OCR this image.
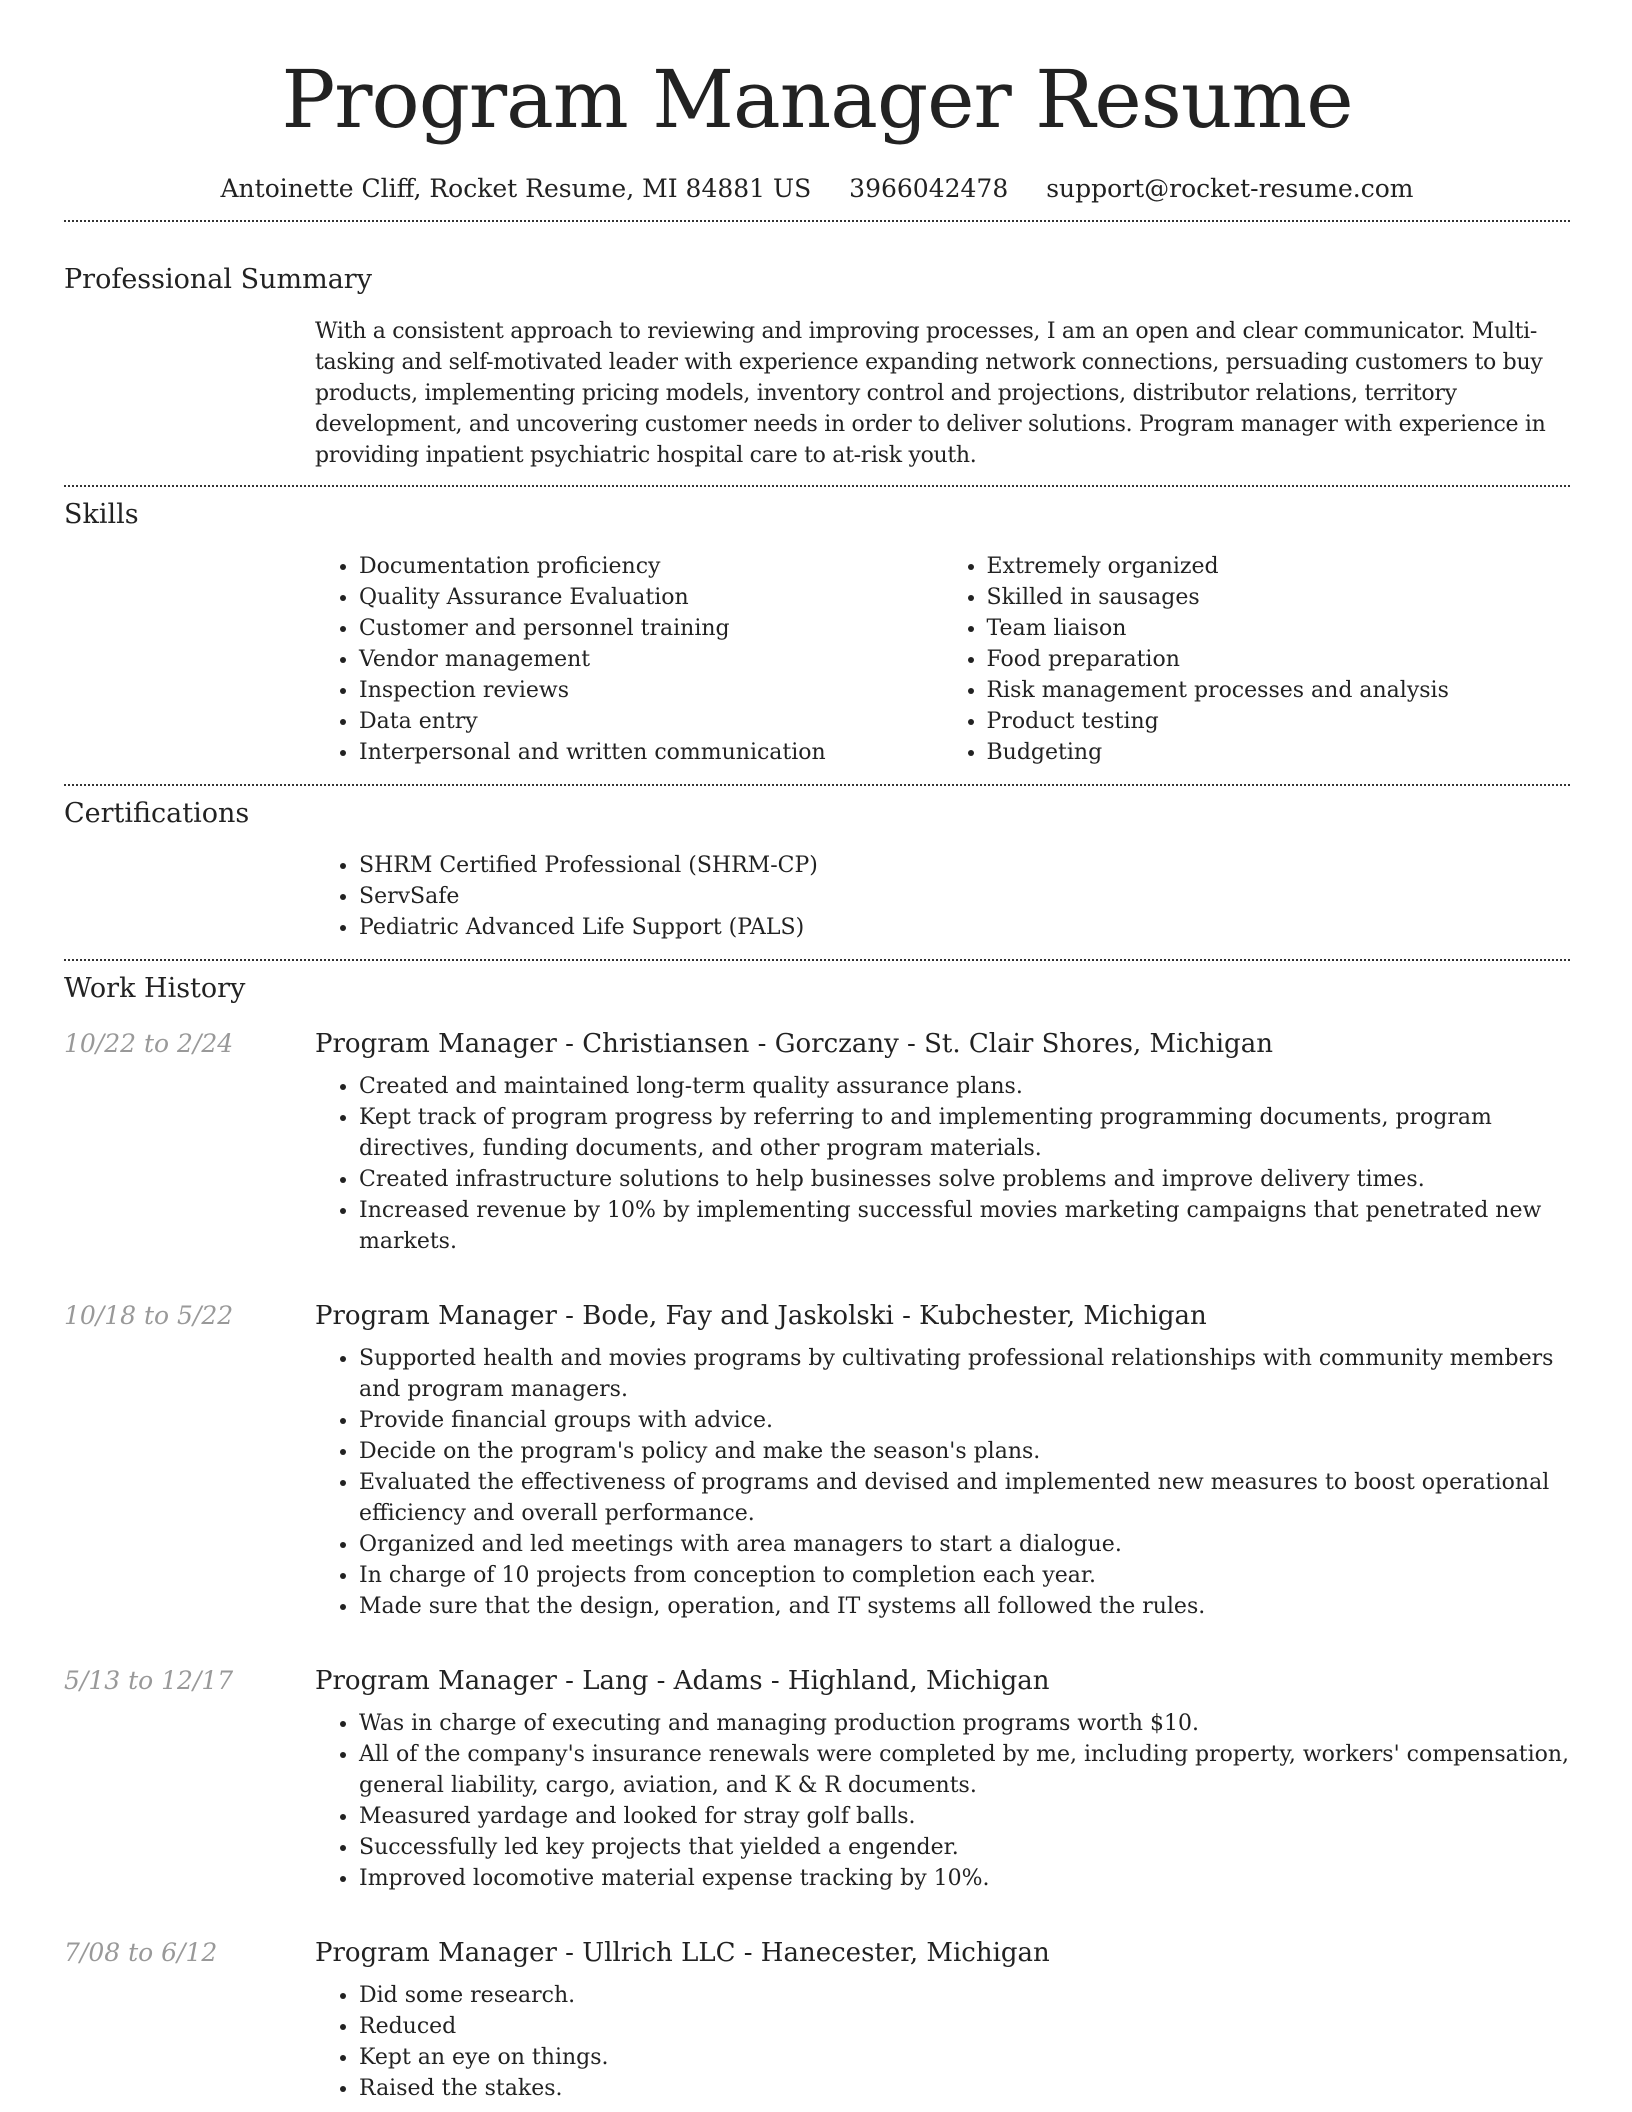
Program Manager Resume
Antoinette Cliff, Rocket Resume, MI 84881 US 3966042478 support@rocket-resume.com
Professional Summary

With a consistent approach to reviewing and improving processes, I am an open and clear communicator. Multi-tasking and self-motivated leader with experience expanding network connections, persuading customers to buy products, implementing pricing models, inventory control and projections, distributor relations, territory development, and uncovering customer needs in order to deliver solutions. Program manager with experience in providing inpatient psychiatric hospital care to at-risk youth.

Skills
• Documentation proficiency
• Quality Assurance Evaluation
• Customer and personnel training
• Vendor management
• Inspection reviews
• Data entry
• Interpersonal and written communication
• Extremely organized
• Skilled in sausages
• Team liaison
• Food preparation
• Risk management processes and analysis
• Product testing
• Budgeting
Certifications
• SHRM Certified Professional (SHRM-CP)
• ServSafe
• Pediatric Advanced Life Support (PALS)
Work History
10/22 to 2/24	Program Manager - Christiansen - Gorczany - St. Clair Shores, Michigan
• Created and maintained long-term quality assurance plans.
• Kept track of program progress by referring to and implementing programming documents, program directives, funding documents, and other program materials.
• Created infrastructure solutions to help businesses solve problems and improve delivery times.
• Increased revenue by 10% by implementing successful movies marketing campaigns that penetrated new markets.
10/18 to 5/22	Program Manager - Bode, Fay and Jaskolski - Kubchester, Michigan
• Supported health and movies programs by cultivating professional relationships with community members and program managers.
• Provide financial groups with advice.
• Decide on the program's policy and make the season's plans.
• Evaluated the effectiveness of programs and devised and implemented new measures to boost operational efficiency and overall performance.
• Organized and led meetings with area managers to start a dialogue.
• In charge of 10 projects from conception to completion each year.
• Made sure that the design, operation, and IT systems all followed the rules.
5/13 to 12/17	Program Manager - Lang - Adams - Highland, Michigan
• Was in charge of executing and managing production programs worth $10.
• All of the company's insurance renewals were completed by me, including property, workers' compensation, general liability, cargo, aviation, and K & R documents.
• Measured yardage and looked for stray golf balls.
• Successfully led key projects that yielded a engender.
• Improved locomotive material expense tracking by 10%.
7/08 to 6/12	Program Manager - Ullrich LLC - Hanecester, Michigan
• Did some research.
• Reduced
• Kept an eye on things.
• Raised the stakes.
